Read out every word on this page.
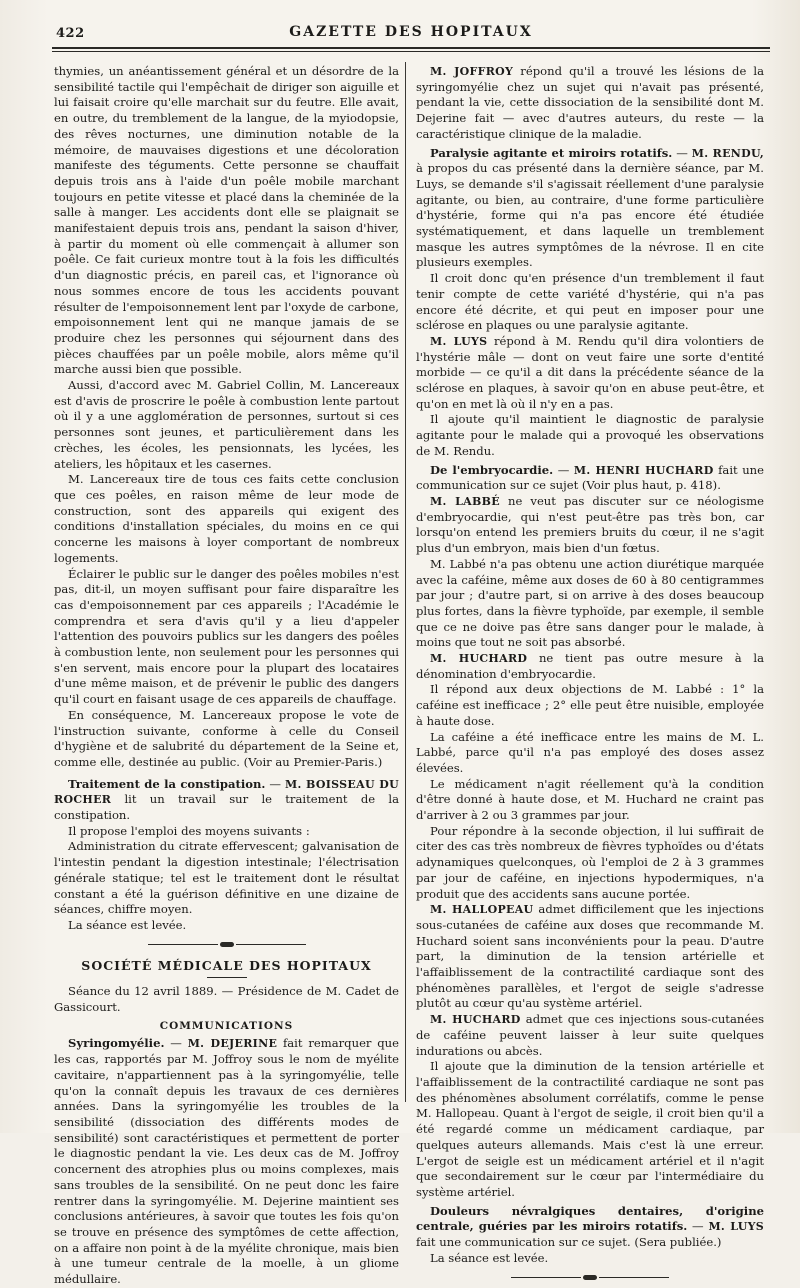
422	GAZETTE DES HOPITAUX

thymies, un anéantissement général et un désordre de la sensibilité tactile qui l'empêchait de diriger son aiguille et lui faisait croire qu'elle marchait sur du feutre. Elle avait, en outre, du tremblement de la langue, de la myiodopsie, des rêves nocturnes, une diminution notable de la mémoire, de mauvaises digestions et une décoloration manifeste des téguments. Cette personne se chauffait depuis trois ans à l'aide d'un poêle mobile marchant toujours en petite vitesse et placé dans la cheminée de la salle à manger. Les accidents dont elle se plaignait se manifestaient depuis trois ans, pendant la saison d'hiver, à partir du moment où elle commençait à allumer son poêle. Ce fait curieux montre tout à la fois les difficultés d'un diagnostic précis, en pareil cas, et l'ignorance où nous sommes encore de tous les accidents pouvant résulter de l'empoisonnement lent par l'oxyde de carbone, empoisonnement lent qui ne manque jamais de se produire chez les personnes qui séjournent dans des pièces chauffées par un poêle mobile, alors même qu'il marche aussi bien que possible.

Aussi, d'accord avec M. Gabriel Collin, M. Lancereaux est d'avis de proscrire le poêle à combustion lente partout où il y a une agglomération de personnes, surtout si ces personnes sont jeunes, et particulièrement dans les crèches, les écoles, les pensionnats, les lycées, les ateliers, les hôpitaux et les casernes.

M. Lancereaux tire de tous ces faits cette conclusion que ces poêles, en raison même de leur mode de construction, sont des appareils qui exigent des conditions d'installation spéciales, du moins en ce qui concerne les maisons à loyer comportant de nombreux logements.

Éclairer le public sur le danger des poêles mobiles n'est pas, dit-il, un moyen suffisant pour faire disparaître les cas d'empoisonnement par ces appareils ; l'Académie le comprendra et sera d'avis qu'il y a lieu d'appeler l'attention des pouvoirs publics sur les dangers des poêles à combustion lente, non seulement pour les personnes qui s'en servent, mais encore pour la plupart des locataires d'une même maison, et de prévenir le public des dangers qu'il court en faisant usage de ces appareils de chauffage.

En conséquence, M. Lancereaux propose le vote de l'instruction suivante, conforme à celle du Conseil d'hygiène et de salubrité du département de la Seine et, comme elle, destinée au public. (Voir au Premier-Paris.)

Traitement de la constipation. — M. BOISSEAU DU ROCHER lit un travail sur le traitement de la constipation.

Il propose l'emploi des moyens suivants :

Administration du citrate effervescent; galvanisation de l'intestin pendant la digestion intestinale; l'électrisation générale statique; tel est le traitement dont le résultat constant a été la guérison définitive en une dizaine de séances, chiffre moyen.

La séance est levée.

SOCIÉTÉ MÉDICALE DES HOPITAUX

Séance du 12 avril 1889. — Présidence de M. Cadet de Gassicourt.

COMMUNICATIONS

Syringomyélie. — M. DEJERINE fait remarquer que les cas, rapportés par M. Joffroy sous le nom de myélite cavitaire, n'appartiennent pas à la syringomyélie, telle qu'on la connaît depuis les travaux de ces dernières années. Dans la syringomyélie les troubles de la sensibilité (dissociation des différents modes de sensibilité) sont caractéristiques et permettent de porter le diagnostic pendant la vie. Les deux cas de M. Joffroy concernent des atrophies plus ou moins complexes, mais sans troubles de la sensibilité. On ne peut donc les faire rentrer dans la syringomyélie. M. Dejerine maintient ses conclusions antérieures, à savoir que toutes les fois qu'on se trouve en présence des symptômes de cette affection, on a affaire non point à de la myélite chronique, mais bien à une tumeur centrale de la moelle, à un gliome médullaire.

M. JOFFROY répond qu'il a trouvé les lésions de la syringomyélie chez un sujet qui n'avait pas présenté, pendant la vie, cette dissociation de la sensibilité dont M. Dejerine fait — avec d'autres auteurs, du reste — la caractéristique clinique de la maladie.

Paralysie agitante et miroirs rotatifs. — M. RENDU, à propos du cas présenté dans la dernière séance, par M. Luys, se demande s'il s'agissait réellement d'une paralysie agitante, ou bien, au contraire, d'une forme particulière d'hystérie, forme qui n'a pas encore été étudiée systématiquement, et dans laquelle un tremblement masque les autres symptômes de la névrose. Il en cite plusieurs exemples.

Il croit donc qu'en présence d'un tremblement il faut tenir compte de cette variété d'hystérie, qui n'a pas encore été décrite, et qui peut en imposer pour une sclérose en plaques ou une paralysie agitante.

M. LUYS répond à M. Rendu qu'il dira volontiers de l'hystérie mâle — dont on veut faire une sorte d'entité morbide — ce qu'il a dit dans la précédente séance de la sclérose en plaques, à savoir qu'on en abuse peut-être, et qu'on en met là où il n'y en a pas.

Il ajoute qu'il maintient le diagnostic de paralysie agitante pour le malade qui a provoqué les observations de M. Rendu.

De l'embryocardie. — M. HENRI HUCHARD fait une communication sur ce sujet (Voir plus haut, p. 418).

M. LABBÉ ne veut pas discuter sur ce néologisme d'embryocardie, qui n'est peut-être pas très bon, car lorsqu'on entend les premiers bruits du cœur, il ne s'agit plus d'un embryon, mais bien d'un fœtus.

M. Labbé n'a pas obtenu une action diurétique marquée avec la caféine, même aux doses de 60 à 80 centigrammes par jour ; d'autre part, si on arrive à des doses beaucoup plus fortes, dans la fièvre typhoïde, par exemple, il semble que ce ne doive pas être sans danger pour le malade, à moins que tout ne soit pas absorbé.

M. HUCHARD ne tient pas outre mesure à la dénomination d'embryocardie.

Il répond aux deux objections de M. Labbé : 1° la caféine est inefficace ; 2° elle peut être nuisible, employée à haute dose.

La caféine a été inefficace entre les mains de M. L. Labbé, parce qu'il n'a pas employé des doses assez élevées.

Le médicament n'agit réellement qu'à la condition d'être donné à haute dose, et M. Huchard ne craint pas d'arriver à 2 ou 3 grammes par jour.

Pour répondre à la seconde objection, il lui suffirait de citer des cas très nombreux de fièvres typhoïdes ou d'états adynamiques quelconques, où l'emploi de 2 à 3 grammes par jour de caféine, en injections hypodermiques, n'a produit que des accidents sans aucune portée.

M. HALLOPEAU admet difficilement que les injections sous-cutanées de caféine aux doses que recommande M. Huchard soient sans inconvénients pour la peau. D'autre part, la diminution de la tension artérielle et l'affaiblissement de la contractilité cardiaque sont des phénomènes parallèles, et l'ergot de seigle s'adresse plutôt au cœur qu'au système artériel.

M. HUCHARD admet que ces injections sous-cutanées de caféine peuvent laisser à leur suite quelques indurations ou abcès.

Il ajoute que la diminution de la tension artérielle et l'affaiblissement de la contractilité cardiaque ne sont pas des phénomènes absolument corrélatifs, comme le pense M. Hallopeau. Quant à l'ergot de seigle, il croit bien qu'il a été regardé comme un médicament cardiaque, par quelques auteurs allemands. Mais c'est là une erreur. L'ergot de seigle est un médicament artériel et il n'agit que secondairement sur le cœur par l'intermédiaire du système artériel.

Douleurs névralgiques dentaires, d'origine centrale, guéries par les miroirs rotatifs. — M. LUYS fait une communication sur ce sujet. (Sera publiée.)

La séance est levée.
